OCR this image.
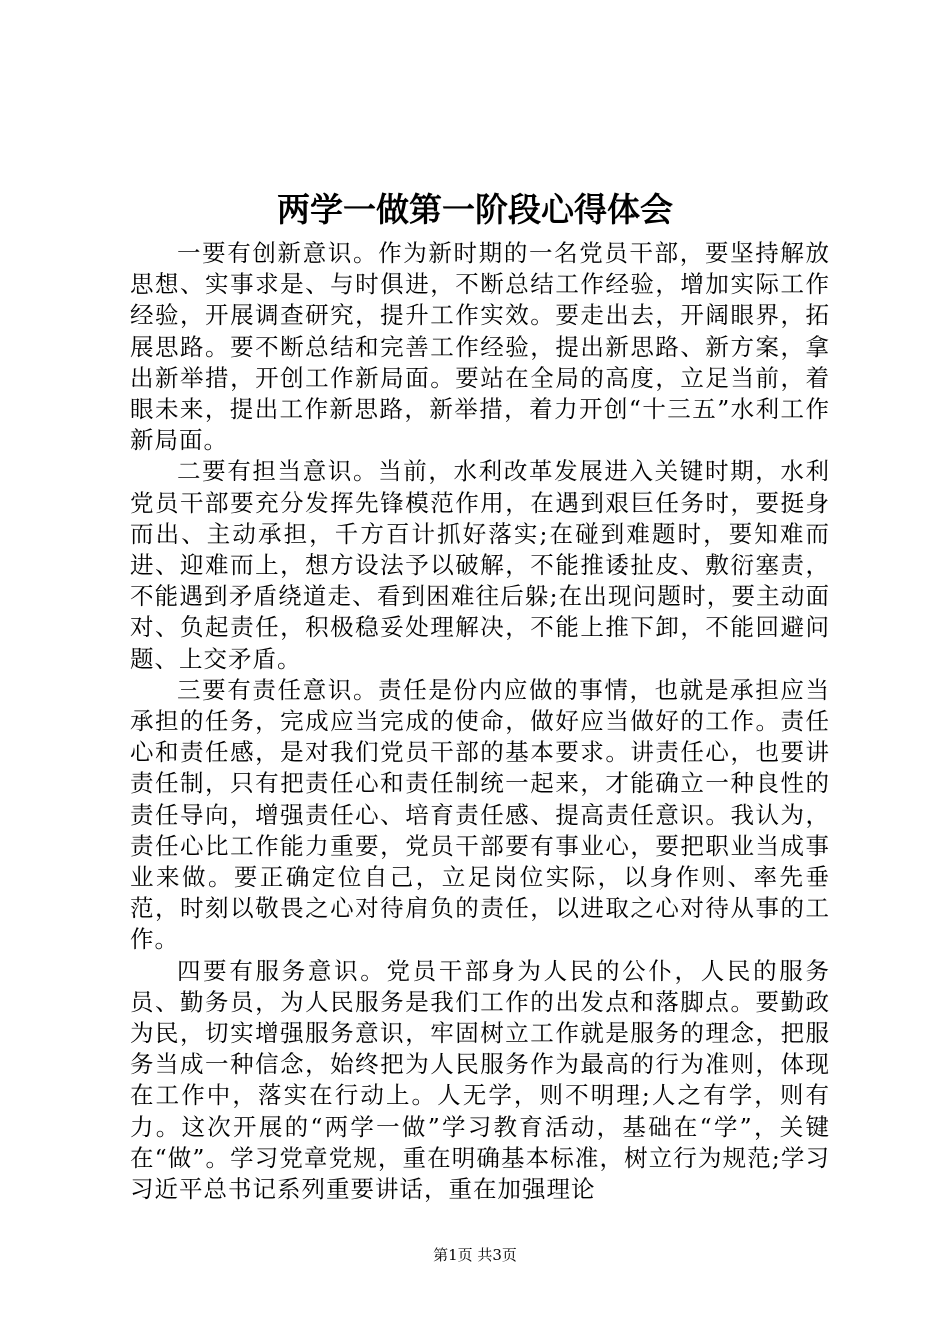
两学一做第一阶段心得体会

一要有创新意识。作为新时期的一名党员干部，要坚持解放思想、实事求是、与时俱进，不断总结工作经验，增加实际工作经验，开展调查研究，提升工作实效。要走出去，开阔眼界，拓展思路。要不断总结和完善工作经验，提出新思路、新方案，拿出新举措，开创工作新局面。要站在全局的高度，立足当前，着眼未来，提出工作新思路，新举措，着力开创“十三五”水利工作新局面。

二要有担当意识。当前，水利改革发展进入关键时期，水利党员干部要充分发挥先锋模范作用，在遇到艰巨任务时，要挺身而出、主动承担，千方百计抓好落实;在碰到难题时，要知难而进、迎难而上，想方设法予以破解，不能推诿扯皮、敷衍塞责，不能遇到矛盾绕道走、看到困难往后躲;在出现问题时，要主动面对、负起责任，积极稳妥处理解决，不能上推下卸，不能回避问题、上交矛盾。

三要有责任意识。责任是份内应做的事情，也就是承担应当承担的任务，完成应当完成的使命，做好应当做好的工作。责任心和责任感，是对我们党员干部的基本要求。讲责任心，也要讲责任制，只有把责任心和责任制统一起来，才能确立一种良性的责任导向，增强责任心、培育责任感、提高责任意识。我认为，责任心比工作能力重要，党员干部要有事业心，要把职业当成事业来做。要正确定位自己，立足岗位实际，以身作则、率先垂范，时刻以敬畏之心对待肩负的责任，以进取之心对待从事的工作。

四要有服务意识。党员干部身为人民的公仆，人民的服务员、勤务员，为人民服务是我们工作的出发点和落脚点。要勤政为民，切实增强服务意识，牢固树立工作就是服务的理念，把服务当成一种信念，始终把为人民服务作为最高的行为准则，体现在工作中，落实在行动上。人无学，则不明理;人之有学，则有力。这次开展的“两学一做”学习教育活动，基础在“学”，关键在“做”。学习党章党规，重在明确基本标准，树立行为规范;学习习近平总书记系列重要讲话，重在加强理论

第1页 共3页
